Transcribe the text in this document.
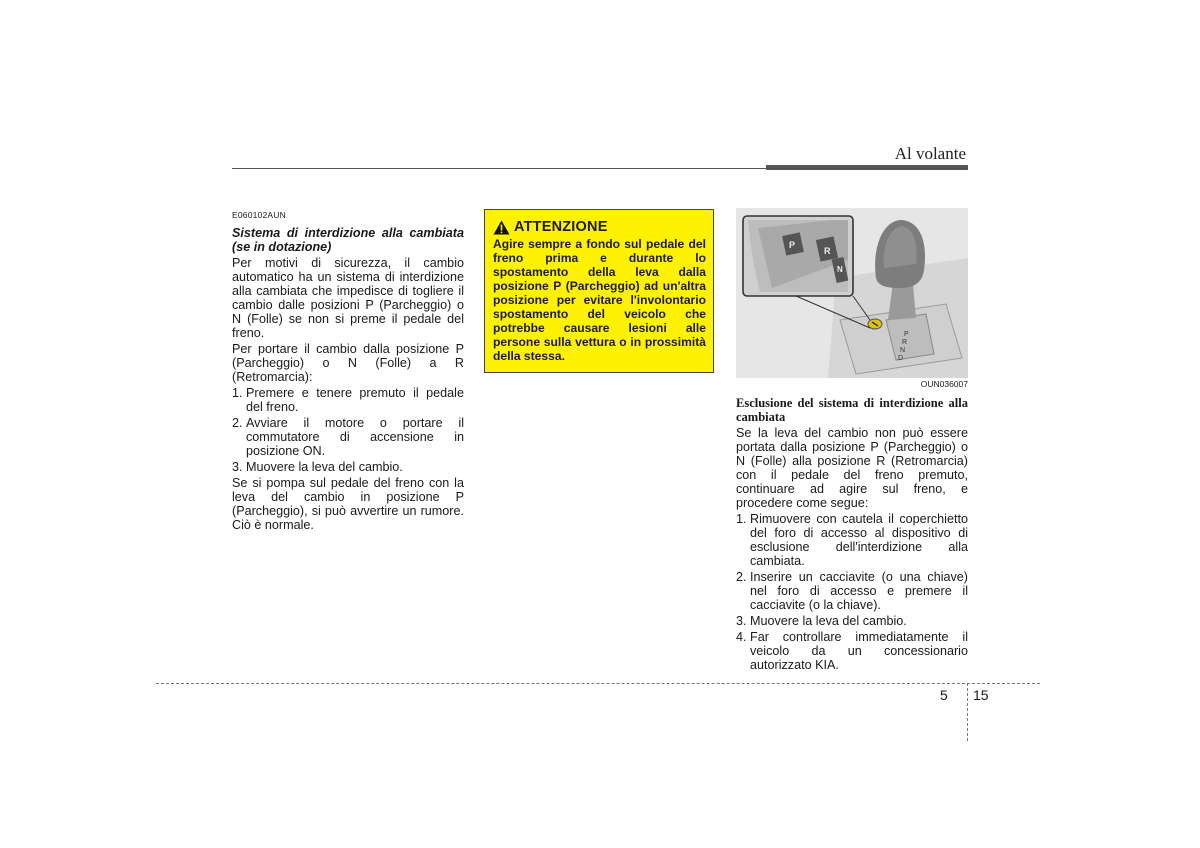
Al volante

E060102AUN

Sistema di interdizione alla cambiata (se in dotazione)

Per motivi di sicurezza, il cambio automatico ha un sistema di interdizione alla cambiata che impedisce di togliere il cambio dalle posizioni P (Parcheggio) o N (Folle) se non si preme il pedale del freno.

Per portare il cambio dalla posizione P (Parcheggio) o N (Folle) a R (Retromarcia):

1. Premere e tenere premuto il pedale del freno.
2. Avviare il motore o portare il commutatore di accensione in posizione ON.
3. Muovere la leva del cambio.

Se si pompa sul pedale del freno con la leva del cambio in posizione P (Parcheggio), si può avvertire un rumore. Ciò è normale.

ATTENZIONE
Agire sempre a fondo sul pedale del freno prima e durante lo spostamento della leva dalla posizione P (Parcheggio) ad un'altra posizione per evitare l'involontario spostamento del veicolo che potrebbe causare lesioni alle persone sulla vettura o in prossimità della stessa.
P
R
N
D
P
R
N
OUN036007

Esclusione del sistema di interdizione alla cambiata

Se la leva del cambio non può essere portata dalla posizione P (Parcheggio) o N (Folle) alla posizione R (Retromarcia) con il pedale del freno premuto, continuare ad agire sul freno, e procedere come segue:

1. Rimuovere con cautela il coperchietto del foro di accesso al dispositivo di esclusione dell'interdizione alla cambiata.
2. Inserire un cacciavite (o una chiave) nel foro di accesso e premere il cacciavite (o la chiave).
3. Muovere la leva del cambio.
4. Far controllare immediatamente il veicolo da un concessionario autorizzato KIA.
5 15
